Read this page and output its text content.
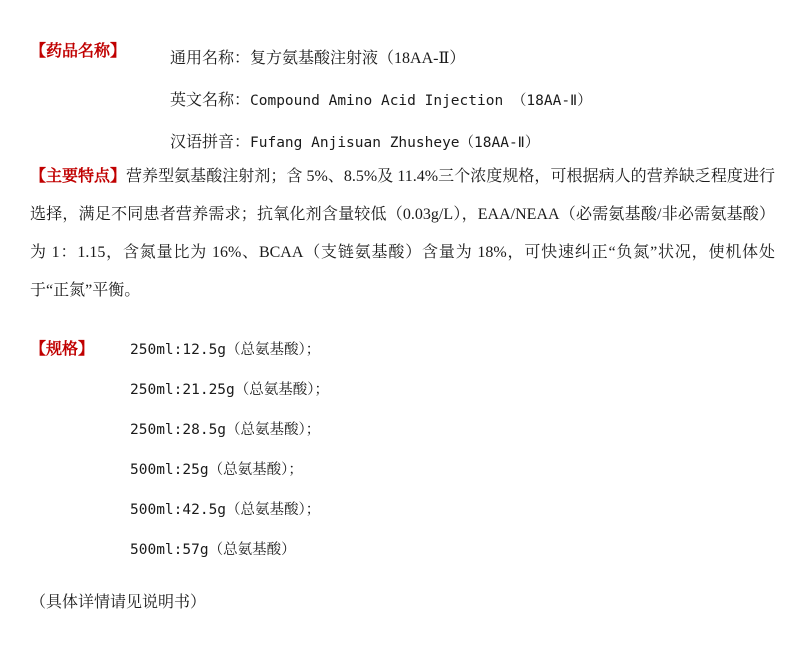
【药品名称】	通用名称：复方氨基酸注射液（18AA-Ⅱ）
英文名称：Compound Amino Acid Injection （18AA-Ⅱ）
汉语拼音：Fufang Anjisuan Zhusheye（18AA-Ⅱ）
【主要特点】 营养型氨基酸注射剂；含 5%、8.5%及 11.4%三个浓度规格，可根据病人的营养缺乏程度进行选择，满足不同患者营养需求；抗氧化剂含量较低（0.03g/L），EAA/NEAA（必需氨基酸/非必需氨基酸）为 1：1.15，含氮量比为 16%、BCAA（支链氨基酸）含量为 18%，可快速纠正“负氮”状况，使机体处于“正氮”平衡。
【规格】 250ml:12.5g（总氨基酸）；
250ml:21.25g（总氨基酸）；
250ml:28.5g（总氨基酸）；
500ml:25g（总氨基酸）；
500ml:42.5g（总氨基酸）；
500ml:57g（总氨基酸）
（具体详情请见说明书）
